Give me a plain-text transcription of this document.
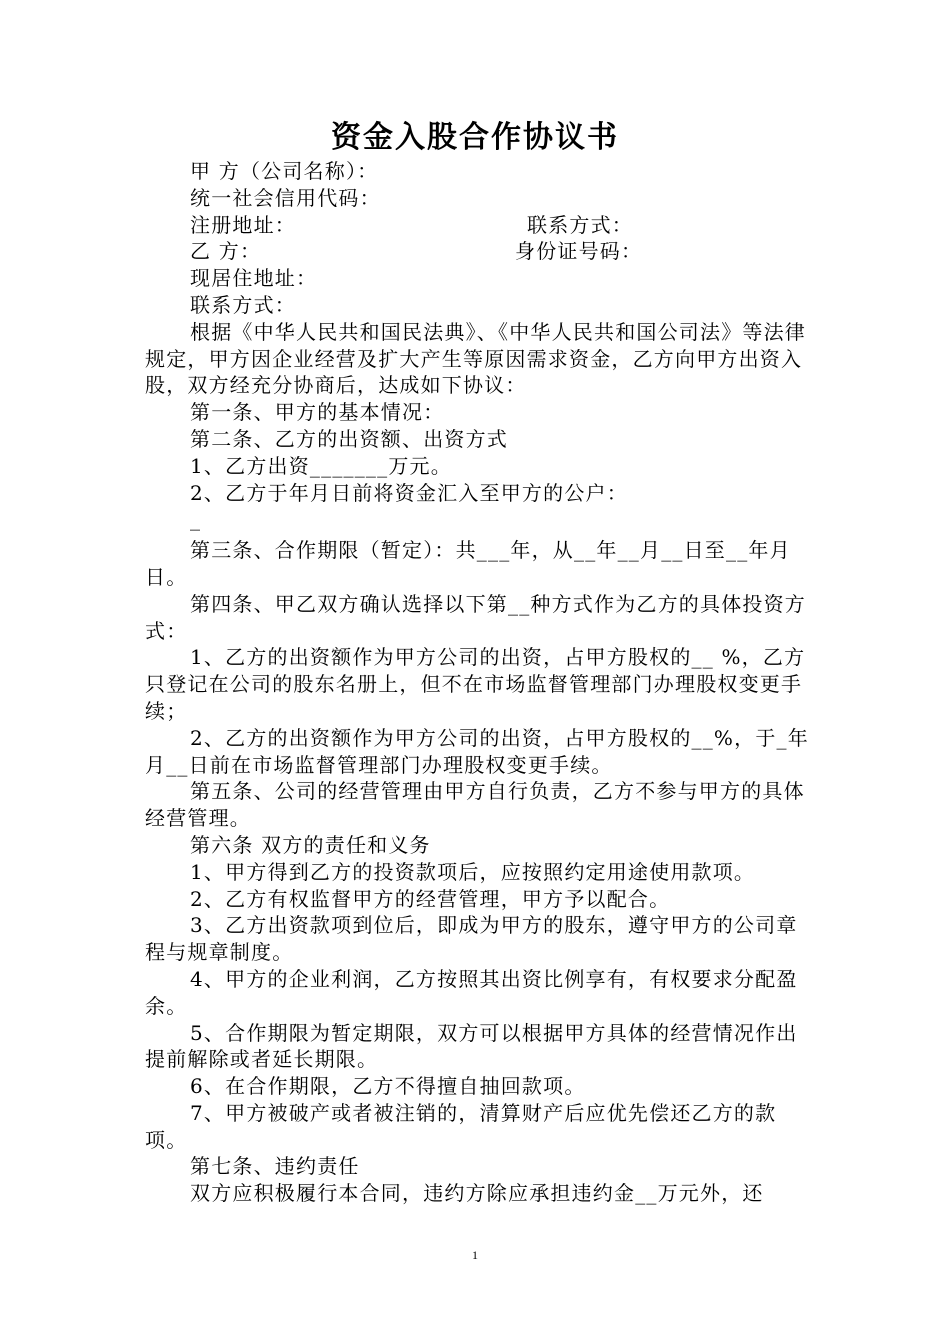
资金入股合作协议书

甲 方（公司名称）：

统一社会信用代码：

注册地址：	联系方式：
乙 方：	身份证号码：

现居住地址：

联系方式：

根据《中华人民共和国民法典》、《中华人民共和国公司法》等法律规定，甲方因企业经营及扩大产生等原因需求资金，乙方向甲方出资入股，双方经充分协商后，达成如下协议：

第一条、甲方的基本情况：

第二条、乙方的出资额、出资方式

1、乙方出资_______万元。

2、乙方于年月日前将资金汇入至甲方的公户：

_

第三条、合作期限（暂定）：共___年，从__年__月__日至__年月日。

第四条、甲乙双方确认选择以下第__种方式作为乙方的具体投资方式：

1、乙方的出资额作为甲方公司的出资，占甲方股权的__ %，乙方只登记在公司的股东名册上，但不在市场监督管理部门办理股权变更手续；

2、乙方的出资额作为甲方公司的出资，占甲方股权的__%，于_年月__日前在市场监督管理部门办理股权变更手续。

第五条、公司的经营管理由甲方自行负责，乙方不参与甲方的具体经营管理。

第六条 双方的责任和义务

1、甲方得到乙方的投资款项后，应按照约定用途使用款项。

2、乙方有权监督甲方的经营管理，甲方予以配合。

3、乙方出资款项到位后，即成为甲方的股东，遵守甲方的公司章程与规章制度。

4、甲方的企业利润，乙方按照其出资比例享有，有权要求分配盈余。

5、合作期限为暂定期限，双方可以根据甲方具体的经营情况作出提前解除或者延长期限。

6、在合作期限，乙方不得擅自抽回款项。

7、甲方被破产或者被注销的，清算财产后应优先偿还乙方的款项。

第七条、违约责任

双方应积极履行本合同，违约方除应承担违约金__万元外，还

1
